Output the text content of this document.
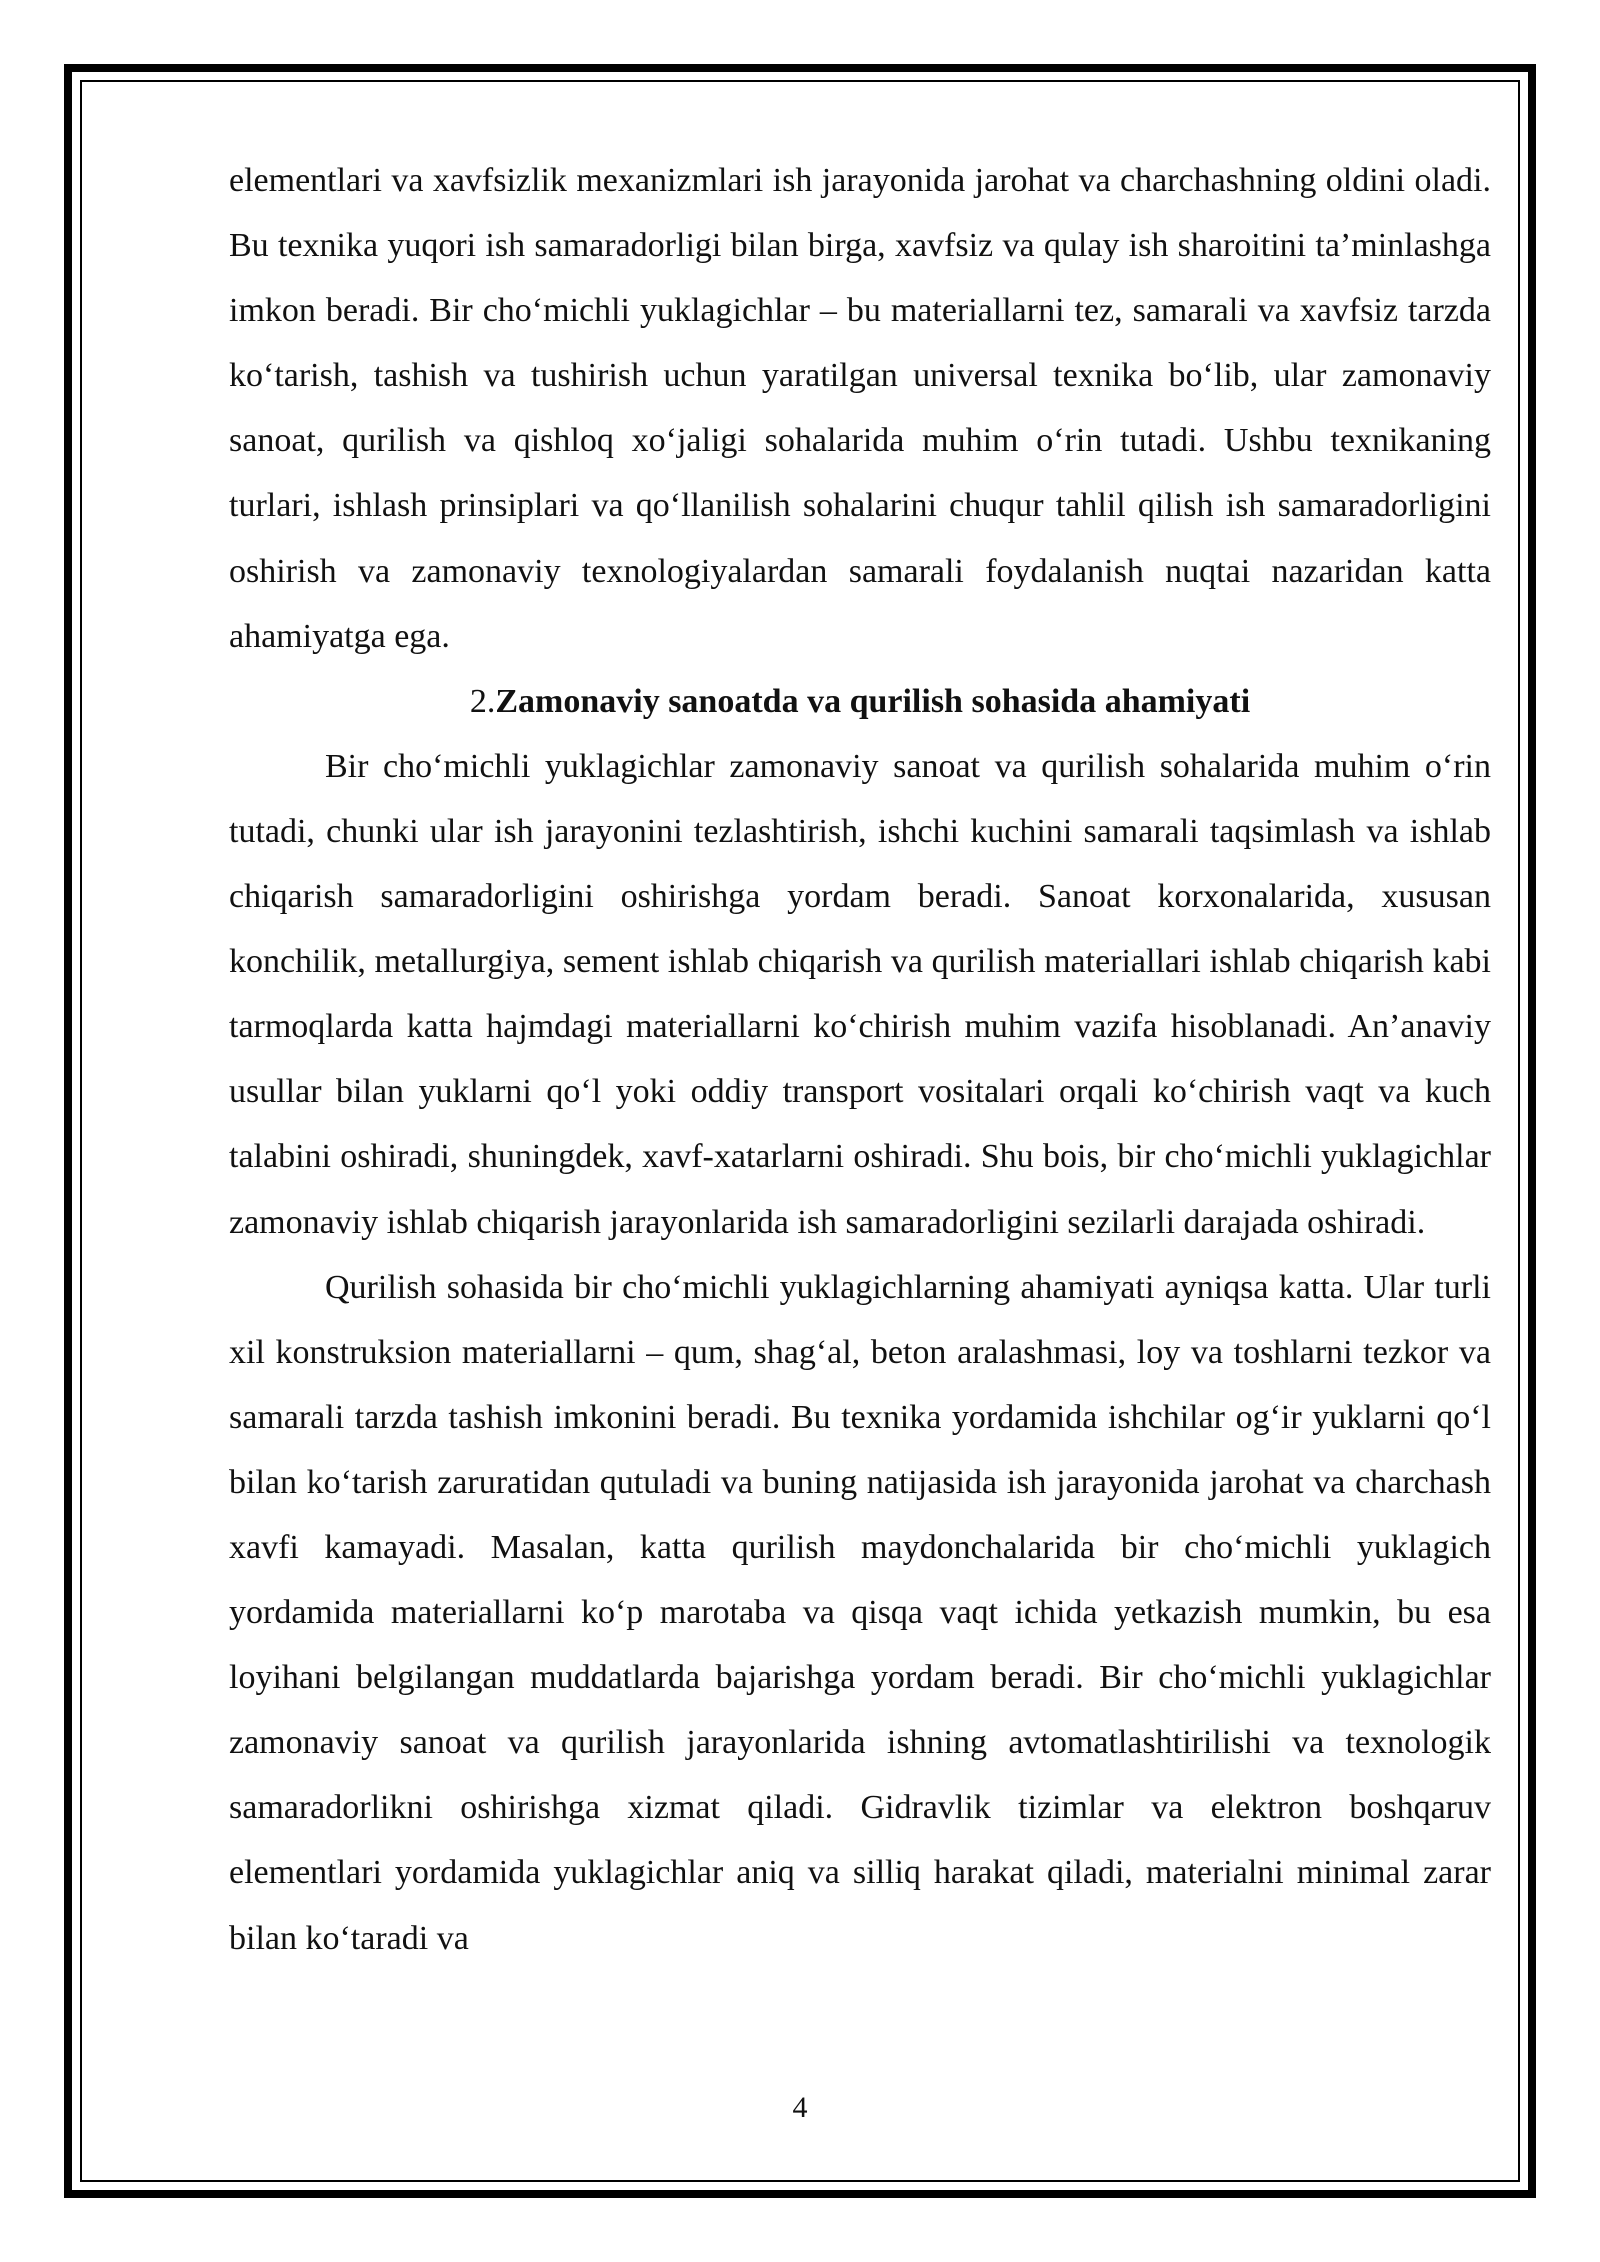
elementlari va xavfsizlik mexanizmlari ish jarayonida jarohat va charchashning oldini oladi. Bu texnika yuqori ish samaradorligi bilan birga, xavfsiz va qulay ish sharoitini ta’minlashga imkon beradi. Bir cho‘michli yuklagichlar – bu materiallarni tez, samarali va xavfsiz tarzda ko‘tarish, tashish va tushirish uchun yaratilgan universal texnika bo‘lib, ular zamonaviy sanoat, qurilish va qishloq xo‘jaligi sohalarida muhim o‘rin tutadi. Ushbu texnikaning turlari, ishlash prinsiplari va qo‘llanilish sohalarini chuqur tahlil qilish ish samaradorligini oshirish va zamonaviy texnologiyalardan samarali foydalanish nuqtai nazaridan katta ahamiyatga ega.

2.Zamonaviy sanoatda va qurilish sohasida ahamiyati

Bir cho‘michli yuklagichlar zamonaviy sanoat va qurilish sohalarida muhim o‘rin tutadi, chunki ular ish jarayonini tezlashtirish, ishchi kuchini samarali taqsimlash va ishlab chiqarish samaradorligini oshirishga yordam beradi. Sanoat korxonalarida, xususan konchilik, metallurgiya, sement ishlab chiqarish va qurilish materiallari ishlab chiqarish kabi tarmoqlarda katta hajmdagi materiallarni ko‘chirish muhim vazifa hisoblanadi. An’anaviy usullar bilan yuklarni qo‘l yoki oddiy transport vositalari orqali ko‘chirish vaqt va kuch talabini oshiradi, shuningdek, xavf-xatarlarni oshiradi. Shu bois, bir cho‘michli yuklagichlar zamonaviy ishlab chiqarish jarayonlarida ish samaradorligini sezilarli darajada oshiradi.

Qurilish sohasida bir cho‘michli yuklagichlarning ahamiyati ayniqsa katta. Ular turli xil konstruksion materiallarni – qum, shag‘al, beton aralashmasi, loy va toshlarni tezkor va samarali tarzda tashish imkonini beradi. Bu texnika yordamida ishchilar og‘ir yuklarni qo‘l bilan ko‘tarish zaruratidan qutuladi va buning natijasida ish jarayonida jarohat va charchash xavfi kamayadi. Masalan, katta qurilish maydonchalarida bir cho‘michli yuklagich yordamida materiallarni ko‘p marotaba va qisqa vaqt ichida yetkazish mumkin, bu esa loyihani belgilangan muddatlarda bajarishga yordam beradi. Bir cho‘michli yuklagichlar zamonaviy sanoat va qurilish jarayonlarida ishning avtomatlashtirilishi va texnologik samaradorlikni oshirishga xizmat qiladi. Gidravlik tizimlar va elektron boshqaruv elementlari yordamida yuklagichlar aniq va silliq harakat qiladi, materialni minimal zarar bilan ko‘taradi va

4
